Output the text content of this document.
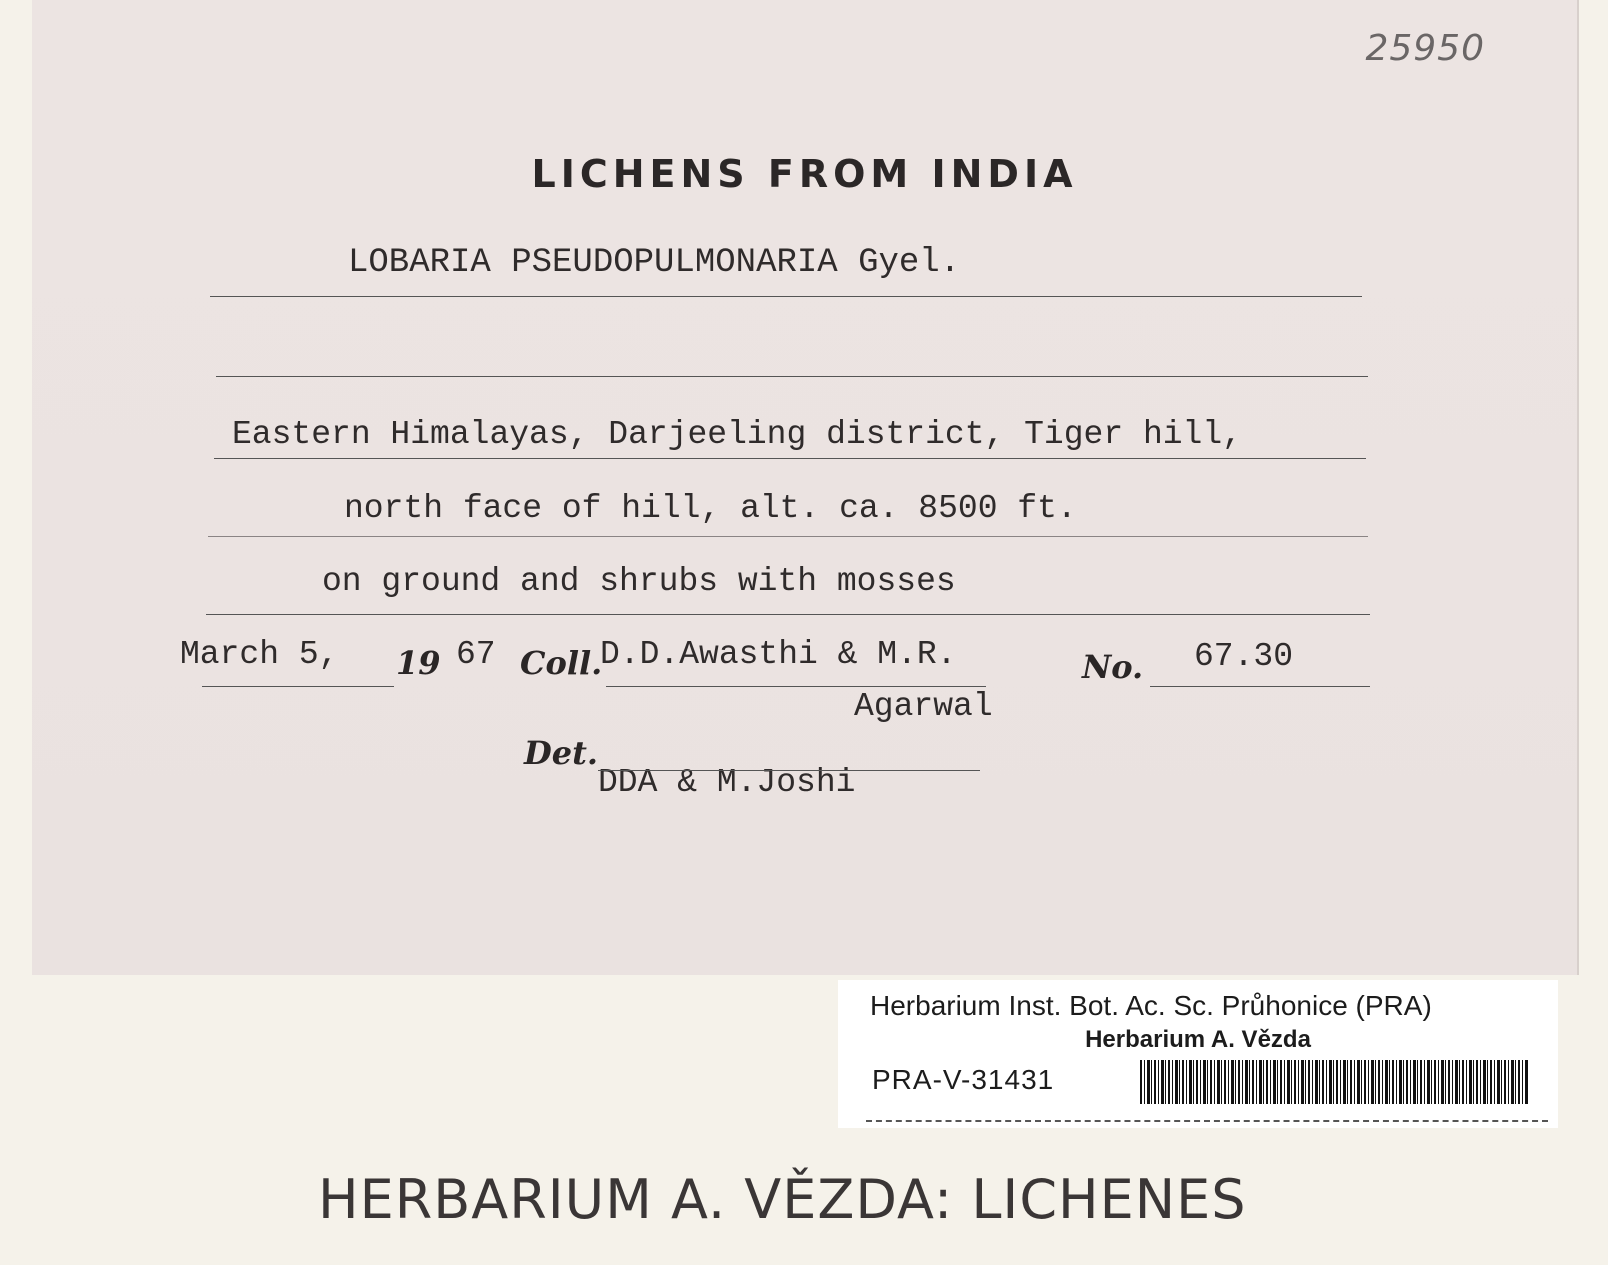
25950
LICHENS FROM INDIA
LOBARIA PSEUDOPULMONARIA Gyel.
Eastern Himalayas, Darjeeling district, Tiger hill,
north face of hill, alt. ca. 8500 ft.
on ground and shrubs with mosses
March 5, 19 67 Coll.
D.D.Awasthi & M.R.
Agarwal
No. 67.30
Det.
DDA & M.Joshi
Herbarium Inst. Bot. Ac. Sc. Průhonice (PRA)
Herbarium A. Vězda
PRA-V-31431
HERBARIUM A. VĚZDA: LICHENES
